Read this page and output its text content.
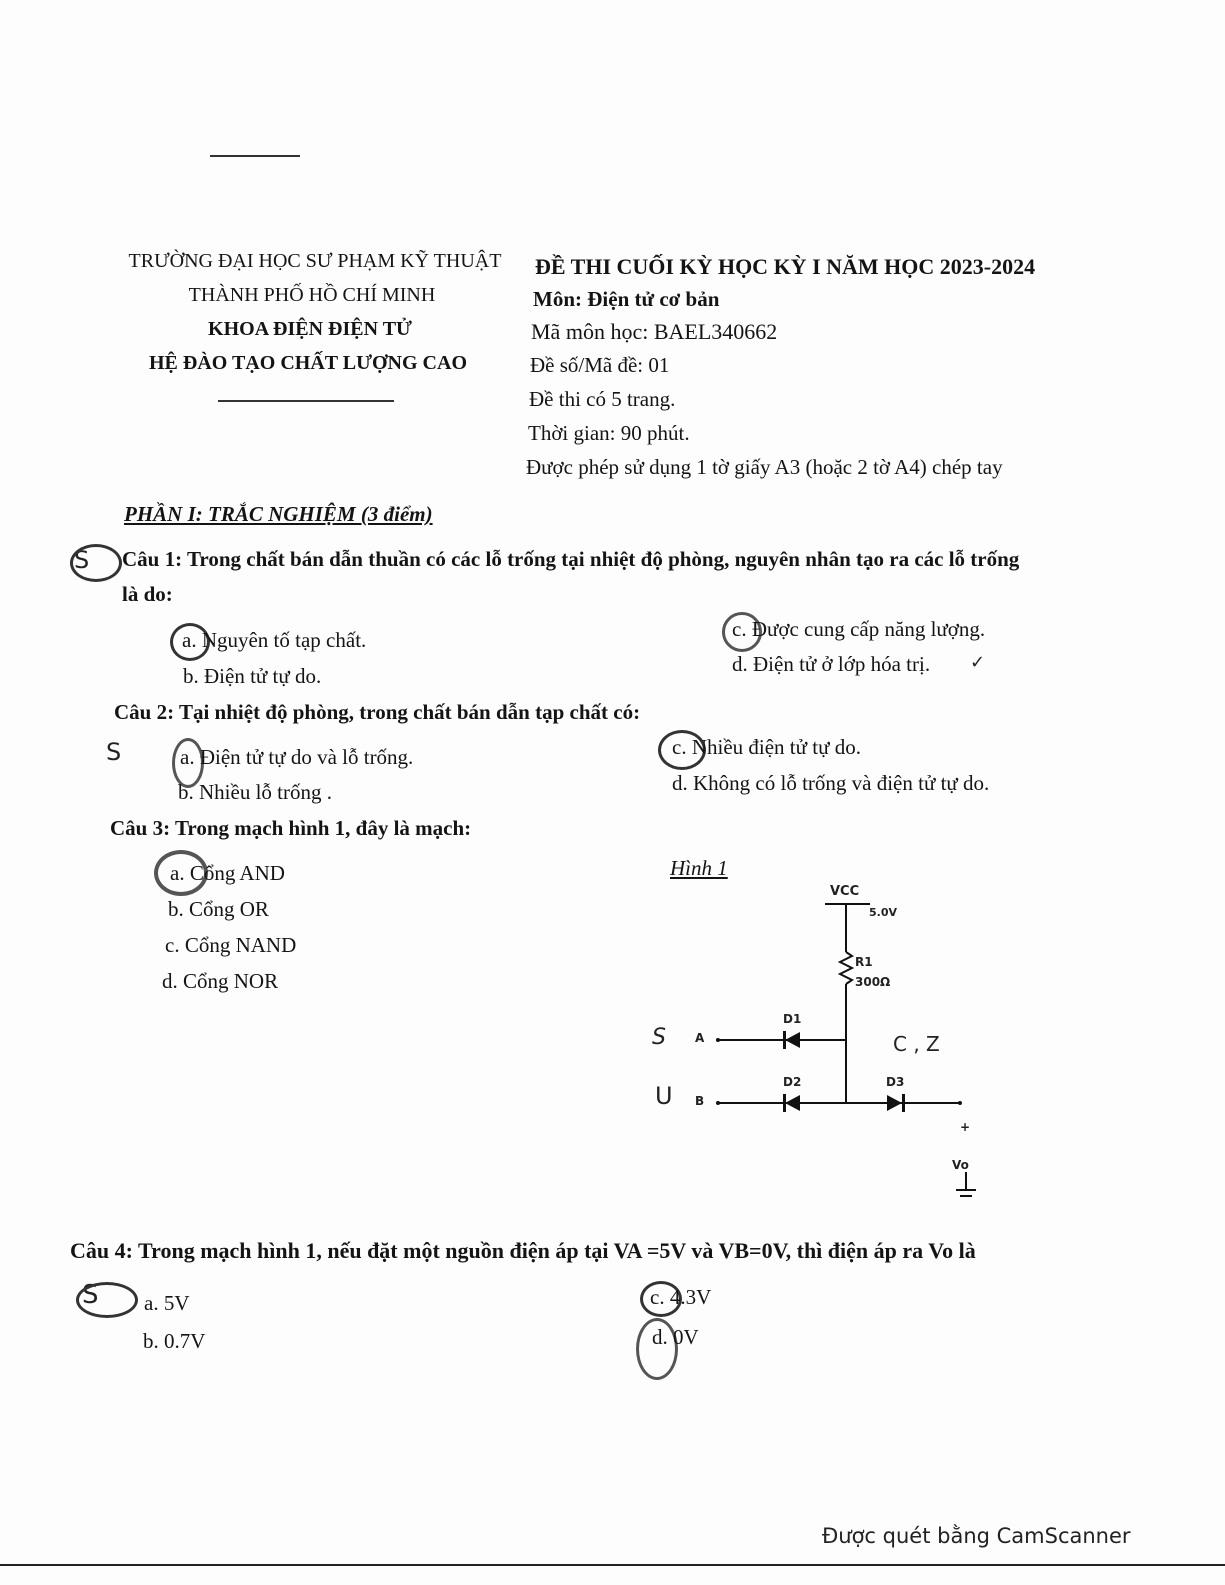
TRƯỜNG ĐẠI HỌC SƯ PHẠM KỸ THUẬT
THÀNH PHỐ HỒ CHÍ MINH
KHOA ĐIỆN ĐIỆN TỬ
HỆ ĐÀO TẠO CHẤT LƯỢNG CAO
ĐỀ THI CUỐI KỲ HỌC KỲ I NĂM HỌC 2023-2024
Môn: Điện tử cơ bản
Mã môn học: BAEL340662
Đề số/Mã đề: 01
Đề thi có 5 trang.
Thời gian: 90 phút.
Được phép sử dụng 1 tờ giấy A3 (hoặc 2 tờ A4) chép tay
PHẦN I: TRẮC NGHIỆM (3 điểm)
S Câu 1: Trong chất bán dẫn thuần có các lỗ trống tại nhiệt độ phòng, nguyên nhân tạo ra các lỗ trống
là do:
a. Nguyên tố tạp chất.
b. Điện tử tự do.
c. Được cung cấp năng lượng.
d. Điện tử ở lớp hóa trị. ✓
Câu 2: Tại nhiệt độ phòng, trong chất bán dẫn tạp chất có:
S	a. Điện tử tự do và lỗ trống.
b. Nhiều lỗ trống .
c. Nhiều điện tử tự do.
d. Không có lỗ trống và điện tử tự do.
Câu 3: Trong mạch hình 1, đây là mạch:
a. Cổng AND
b. Cổng OR
c. Cổng NAND
d. Cổng NOR
Hình 1
VCC
5.0V
R1
300Ω
D1
D2	D3
A
B
Vo
+
S
U
C , Z
Câu 4: Trong mạch hình 1, nếu đặt một nguồn điện áp tại VA =5V và VB=0V, thì điện áp ra Vo là
S a. 5V
b. 0.7V
c. 4.3V
d. 0V
Được quét bằng CamScanner
